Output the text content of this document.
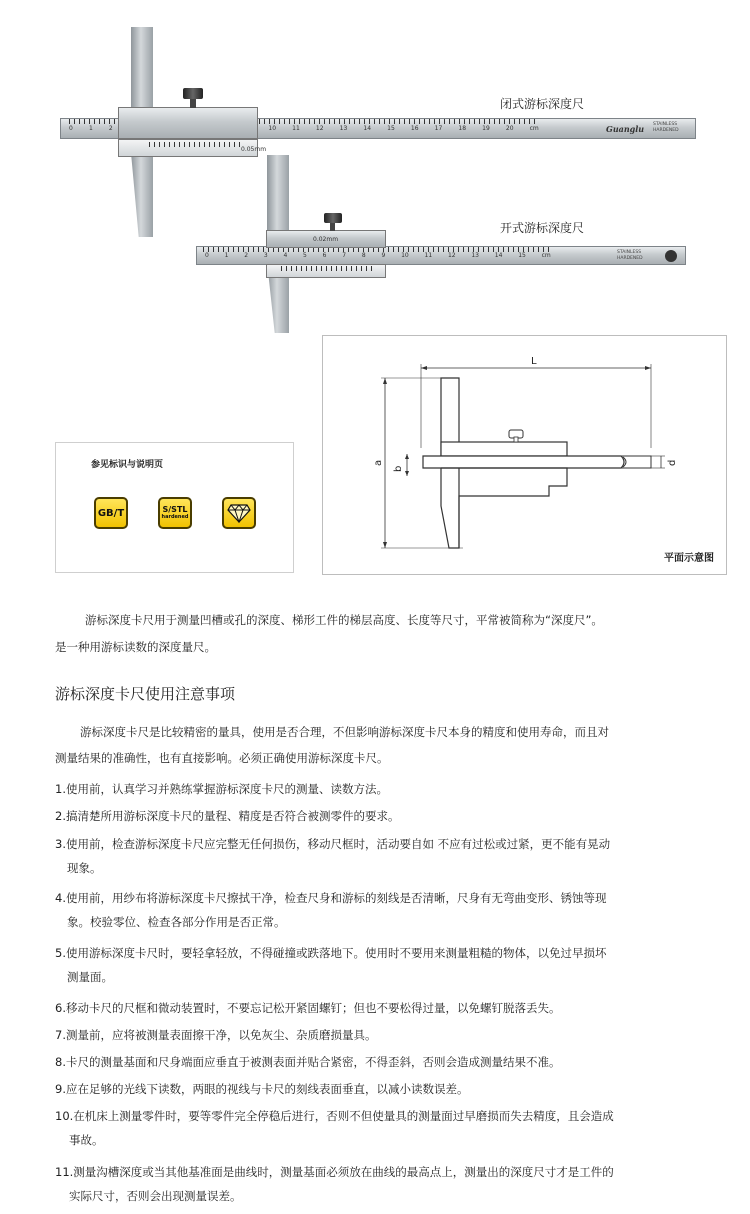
0	1	2	10	11	12	13	14	15	16	17	18	19	20	cm	Guanglu STAINLESS
HARDENED
0.05mm
闭式游标深度尺
0	1	2	3	4	5	6	7	8	9	10	11	12	13	14	15	cm	STAINLESS
HARDENED
0.02mm
开式游标深度尺
参见标识与说明页
GB/T	S/STL
hardened
L
a
b
d
平面示意图
游标深度卡尺用于测量凹槽或孔的深度、梯形工件的梯层高度、长度等尺寸，平常被简称为“深度尺”。
是一种用游标读数的深度量尺。
游标深度卡尺使用注意事项
游标深度卡尺是比较精密的量具，使用是否合理，不但影响游标深度卡尺本身的精度和使用寿命，而且对
测量结果的准确性，也有直接影响。必须正确使用游标深度卡尺。
1.使用前，认真学习并熟练掌握游标深度卡尺的测量、读数方法。
2.搞清楚所用游标深度卡尺的量程、精度是否符合被测零件的要求。
3.使用前，检查游标深度卡尺应完整无任何损伤，移动尺框时，活动要自如 不应有过松或过紧，更不能有晃动
现象。
4.使用前，用纱布将游标深度卡尺擦拭干净，检查尺身和游标的刻线是否清晰，尺身有无弯曲变形、锈蚀等现
象。校验零位、检查各部分作用是否正常。
5.使用游标深度卡尺时，要轻拿轻放，不得碰撞或跌落地下。使用时不要用来测量粗糙的物体，以免过早损坏
测量面。
6.移动卡尺的尺框和微动装置时，不要忘记松开紧固螺钉；但也不要松得过量，以免螺钉脱落丢失。
7.测量前，应将被测量表面擦干净，以免灰尘、杂质磨损量具。
8.卡尺的测量基面和尺身端面应垂直于被测表面并贴合紧密，不得歪斜，否则会造成测量结果不准。
9.应在足够的光线下读数，两眼的视线与卡尺的刻线表面垂直，以减小读数误差。
10.在机床上测量零件时，要等零件完全停稳后进行，否则不但使量具的测量面过早磨损而失去精度，且会造成
事故。
11.测量沟槽深度或当其他基准面是曲线时，测量基面必须放在曲线的最高点上，测量出的深度尺寸才是工件的
实际尺寸，否则会出现测量误差。
